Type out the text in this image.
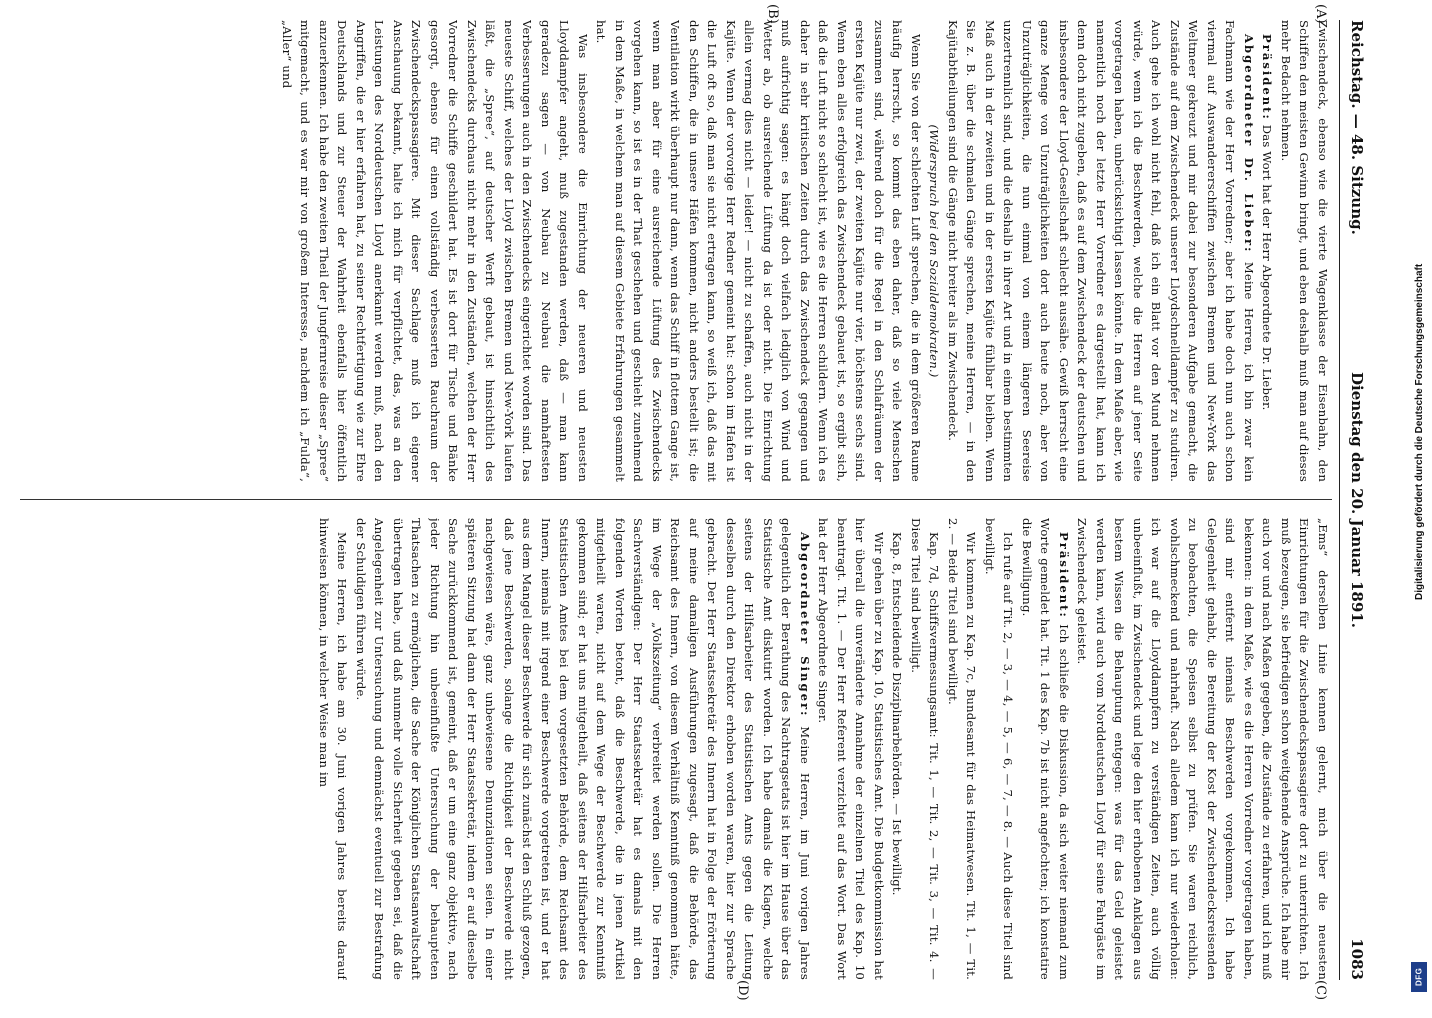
Reichstag. — 48. Sitzung.
Dienstag den 20. Januar 1891.
1083

Zwischendeck, ebenso wie die vierte Wagenklasse der Eisenbahn, den Schiffen den meisten Gewinn bringt, und eben deshalb muß man auf dieses mehr Bedacht nehmen.

Präsident: Das Wort hat der Herr Abgeordnete Dr. Lieber.

Abgeordneter Dr. Lieber: Meine Herren, ich bin zwar kein Fachmann wie der Herr Vorredner; aber ich habe doch nun auch schon viermal auf Auswandererschiffen zwischen Bremen und New-York das Weltmeer gekreuzt und mir dabei zur besonderen Aufgabe gemacht, die Zustände auf dem Zwischendeck unserer Lloydschnelldampfer zu studiren. Auch gehe ich wohl nicht fehl, daß ich ein Blatt vor den Mund nehmen würde, wenn ich die Beschwerden, welche die Herren auf jener Seite vorgetragen haben, unberücksichtigt lassen könnte. In dem Maße aber, wie namentlich noch der letzte Herr Vorredner es dargestellt hat, kann ich denn doch nicht zugeben, daß es auf dem Zwischendeck der deutschen und insbesondere der Lloyd-Gesellschaft schlecht aussähe. Gewiß herrscht eine ganze Menge von Unzuträglichkeiten dort auch heute noch, aber von Unzuträglichkeiten, die nun einmal von einem längeren Seereise unzertrennlich sind, und die deshalb in ihrer Art und in einem bestimmten Maß auch in der zweiten und in der ersten Kajüte fühlbar bleiben. Wenn Sie z. B. über die schmalen Gänge sprechen, meine Herren, — in den Kajütabtheilungen sind die Gänge nicht breiter als im Zwischendeck.

(Widerspruch bei den Sozialdemokraten.)

Wenn Sie von der schlechten Luft sprechen, die in dem größeren Raume häufig herrscht, so kommt das eben daher, daß so viele Menschen zusammen sind, während doch für die Regel in den Schlafräumen der ersten Kajüte nur zwei, der zweiten Kajüte nur vier, höchstens sechs sind. Wenn eben alles erfolgreich das Zwischendeck gebauet ist, so ergibt sich, daß die Luft nicht so schlecht ist, wie es die Herren schildern. Wenn ich es daher in sehr kritischen Zeiten durch das Zwischendeck gegangen und muß aufrichtig sagen: es hängt doch vielfach lediglich von Wind und Wetter ab, ob ausreichende Lüftung da ist oder nicht. Die Einrichtung allein vermag dies nicht — leider! — nicht zu schaffen, auch nicht in der Kajüte. Wenn der vorvorige Herr Redner gemeint hat: schon im Hafen ist die Luft oft so, daß man sie nicht ertragen kann, so weiß ich, daß das mit den Schiffen, die in unsere Häfen kommen, nicht anders bestellt ist; die Ventilation wirkt überhaupt nur dann, wenn das Schiff in flottem Gange ist, wenn man aber für eine ausreichende Lüftung des Zwischendecks vorgehen kann, so ist es in der That geschehen und geschieht zunehmend in dem Maße, in welchem man auf diesem Gebiete Erfahrungen gesammelt hat.

Was insbesondere die Einrichtung der neueren und neuesten Lloyddampfer angeht, muß zugestanden werden, daß — man kann geradezu sagen — von Neubau zu Neubau die namhaftesten Verbesserungen auch in den Zwischendecks eingerichtet worden sind. Das neueste Schiff, welches der Lloyd zwischen Bremen und New-York laufen läßt, die „Spree“, auf deutscher Werft gebaut, ist hinsichtlich des Zwischendecks durchaus nicht mehr in den Zuständen, welchen der Herr Vorredner die Schiffe geschildert hat. Es ist dort für Tische und Bänke gesorgt, ebenso für einen vollständig verbesserten Rauchraum der Zwischendeckspassagiere. Mit dieser Sachlage muß ich eigener Anschauung bekannt, halte ich mich für verpflichtet, das, was an den Leistungen des Norddeutschen Lloyd anerkannt werden muß, nach den Angriffen, die er hier erfahren hat, zu seiner Rechtfertigung wie zur Ehre Deutschlands und zur Steuer der Wahrheit ebenfalls hier öffentlich anzuerkennen. Ich habe den zweiten Theil der Jungfernreise dieser „Spree“ mitgemacht, und es war mir von großem Interesse, nachdem ich „Fulda“, „Aller“ und

„Ems“ derselben Linie kennen gelernt, mich über die neuesten Einrichtungen für die Zwischendeckspassagiere dort zu unterrichten. Ich muß bezeugen, sie befriedigen schon weitgehende Ansprüche. Ich habe mir auch vor und nach Maßen gegeben, die Zustände zu erfahren, und ich muß bekennen: in dem Maße, wie es die Herren Vorredner vorgetragen haben, sind mir entfernt niemals Beschwerden vorgekommen. Ich habe Gelegenheit gehabt, die Bereitung der Kost der Zwischendecksreisenden zu beobachten, die Speisen selbst zu prüfen. Sie waren reichlich, wohlschmeckend und nahrhaft. Nach alledem kann ich nur wiederholen: ich war auf die Lloyddampfern zu verständigen Zeiten, auch völlig unbeeinflußt, im Zwischendeck und lege den hier erhobenen Anklagen aus bestem Wissen die Behauptung entgegen: was für das Geld geleistet werden kann, wird auch vom Norddeutschen Lloyd für seine Fahrgäste im Zwischendeck geleistet.

Präsident: Ich schließe die Diskussion, da sich weiter niemand zum Worte gemeldet hat. Tit. 1 des Kap. 7b ist nicht angefochten; ich konstatire die Bewilligung.

Ich rufe auf Tit. 2, — 3, — 4, — 5, — 6, — 7, — 8. — Auch diese Titel sind bewilligt.

Wir kommen zu Kap. 7c, Bundesamt für das Heimatwesen. Tit. 1, — Tit. 2. — Beide Titel sind bewilligt.

Kap. 7d, Schiffsvermessungsamt: Tit. 1, — Tit. 2, — Tit. 3, — Tit. 4. — Diese Titel sind bewilligt.

Kap. 8, Entscheidende Disziplinarbehörden. — Ist bewilligt.

Wir gehen über zu Kap. 10, Statistisches Amt. Die Budgetkommission hat hier überall die unveränderte Annahme der einzelnen Titel des Kap. 10 beantragt. Tit. 1. — Der Herr Referent verzichtet auf das Wort. Das Wort hat der Herr Abgeordnete Singer.

Abgeordneter Singer: Meine Herren, im Juni vorigen Jahres gelegentlich der Berathung des Nachtragsetats ist hier im Hause über das Statistische Amt diskutirt worden. Ich habe damals die Klagen, welche seitens der Hilfsarbeiter des Statistischen Amts gegen die Leitung desselben durch den Direktor erhoben worden waren, hier zur Sprache gebracht. Der Herr Staatssekretär des Innern hat in Folge der Erörterung auf meine damaligen Ausführungen zugesagt, daß die Behörde, das Reichsamt des Innern, von diesem Verhältniß Kenntniß genommen hätte, im Wege der „Volkszeitung“ verbreitet werden sollen. Die Herren Sachverständigen: Der Herr Staatssekretär hat es damals mit den folgenden Worten betont, daß die Beschwerde, die in jenen Artikel mitgetheilt waren, nicht auf dem Wege der Beschwerde zur Kenntniß gekommen sind; er hat uns mitgetheilt, daß seitens der Hilfsarbeiter des Statistischen Amtes bei dem vorgesetzten Behörde, dem Reichsamt des Innern, niemals mit irgend einer Beschwerde vorgetreten ist, und er hat aus dem Mangel dieser Beschwerde für sich zunächst den Schluß gezogen, daß jene Beschwerden, solange die Richtigkeit der Beschwerde nicht nachgewiesen wäre, ganz unbewiesene Denunziationen seien. In einer späteren Sitzung hat dann der Herr Staatssekretär, indem er auf dieselbe Sache zurückkommend ist, gemeint, daß er um eine ganz objektive, nach jeder Richtung hin unbeeinflußte Untersuchung der behaupteten Thatsachen zu ermöglichen, die Sache der Königlichen Staatsanwaltschaft übertragen habe, und daß nunmehr volle Sicherheit gegeben sei, daß die Angelegenheit zur Untersuchung und demnächst eventuell zur Bestrafung der Schuldigen führen würde.

Meine Herren, ich habe am 30. Juni vorigen Jahres bereits darauf hinweisen können, in welcher Weise man im

(A)
(B)
(C)
(D)
Digitalisierung gefördert durch die Deutsche Forschungsgemeinschaft
DFG
